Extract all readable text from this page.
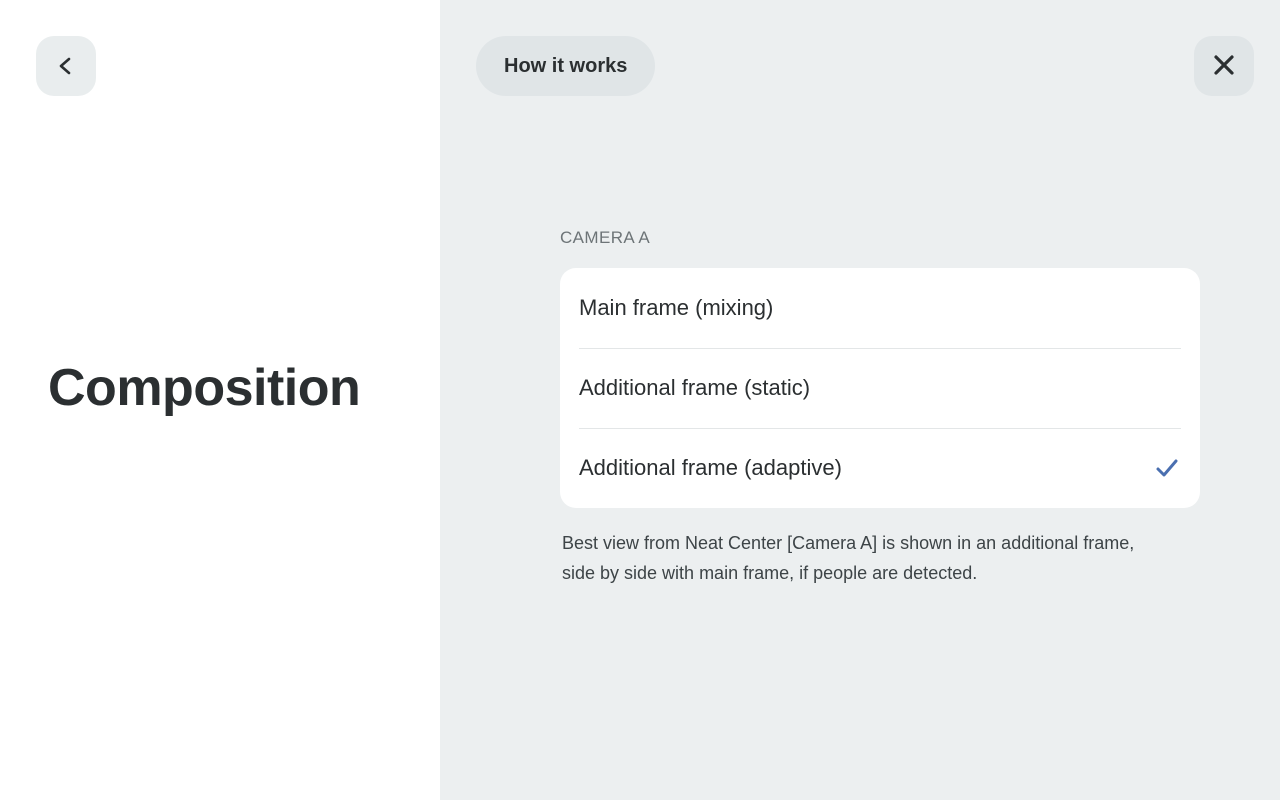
Composition
How it works
CAMERA A
Main frame (mixing)
Additional frame (static)
Additional frame (adaptive)
Best view from Neat Center [Camera A] is shown in an additional frame,
side by side with main frame, if people are detected.
